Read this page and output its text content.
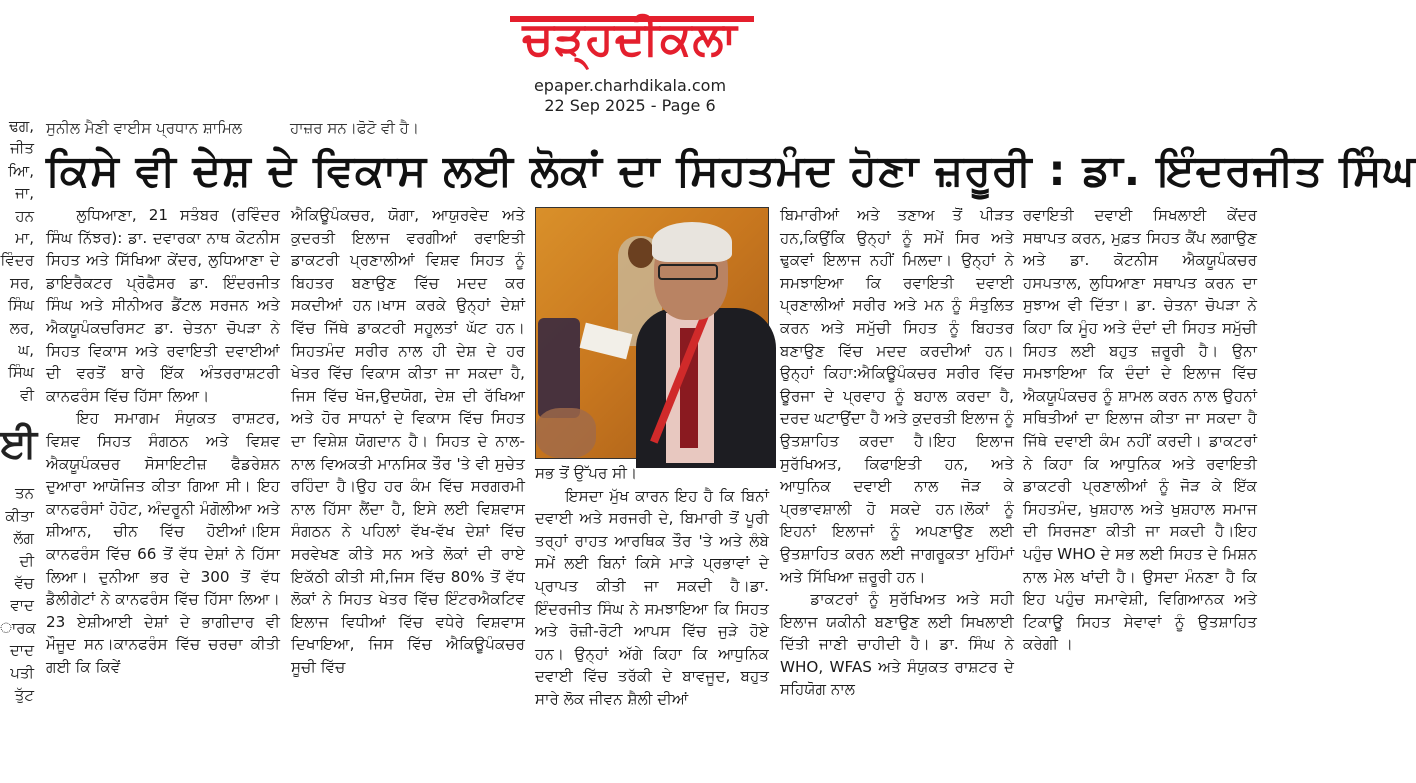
ਚੜ੍ਹਦੀਕਲਾ
epaper.charhdikala.com
22 Sep 2025 - Page 6
ਸੁਨੀਲ ਮੈਣੀ ਵਾਈਸ ਪ੍ਰਧਾਨ ਸ਼ਾਮਿਲ	ਹਾਜ਼ਰ ਸਨ।ਫੋਟੋ ਵੀ ਹੈ।
ਢਗ,
ਜੀਤ
ਆਿ,
ਜਾ,
ਹਨ
ਮਾ,
ਵਿੰਦਰ
ਸਰ,
ਸਿੰਘ
ਲਰ,
ਘ,
ਸਿੰਘ
ਵੀ
ਈ
ਤਨ
ਕੀਤਾ
ਲੱਗ
ਦੀ
ਵੱਚ
ਵਾਦ
ਾਰਕ
ਦਾਦ
ਪਤੀ
ਤੁੱਟ
ਕਿਸੇ ਵੀ ਦੇਸ਼ ਦੇ ਵਿਕਾਸ ਲਈ ਲੋਕਾਂ ਦਾ ਸਿਹਤਮੰਦ ਹੋਣਾ ਜ਼ਰੂਰੀ : ਡਾ. ਇੰਦਰਜੀਤ ਸਿੰਘ

ਲੁਧਿਆਣਾ, 21 ਸਤੰਬਰ (ਰਵਿੰਦਰ ਸਿੰਘ ਨਿੱਝਰ): ਡਾ. ਦਵਾਰਕਾ ਨਾਥ ਕੋਟਨੀਸ ਸਿਹਤ ਅਤੇ ਸਿੱਖਿਆ ਕੇਂਦਰ, ਲੁਧਿਆਣਾ ਦੇ ਡਾਇਰੈਕਟਰ ਪ੍ਰੋਫੈਸਰ ਡਾ. ਇੰਦਰਜੀਤ ਸਿੰਘ ਅਤੇ ਸੀਨੀਅਰ ਡੈਂਟਲ ਸਰਜਨ ਅਤੇ ਐਕਯੂਪੰਕਚਰਿਸਟ ਡਾ. ਚੇਤਨਾ ਚੋਪੜਾ ਨੇ ਸਿਹਤ ਵਿਕਾਸ ਅਤੇ ਰਵਾਇਤੀ ਦਵਾਈਆਂ ਦੀ ਵਰਤੋਂ ਬਾਰੇ ਇੱਕ ਅੰਤਰਰਾਸ਼ਟਰੀ ਕਾਨਫਰੰਸ ਵਿੱਚ ਹਿੱਸਾ ਲਿਆ।

ਇਹ ਸਮਾਗਮ ਸੰਯੁਕਤ ਰਾਸ਼ਟਰ, ਵਿਸ਼ਵ ਸਿਹਤ ਸੰਗਠਨ ਅਤੇ ਵਿਸ਼ਵ ਐਕਯੂਪੰਕਚਰ ਸੋਸਾਇਟੀਜ਼ ਫੈਡਰੇਸ਼ਨ ਦੁਆਰਾ ਆਯੋਜਿਤ ਕੀਤਾ ਗਿਆ ਸੀ। ਇਹ ਕਾਨਫਰੰਸਾਂ ਹੋਹੋਟ, ਅੰਦਰੂਨੀ ਮੰਗੋਲੀਆ ਅਤੇ ਸ਼ੀਆਨ, ਚੀਨ ਵਿੱਚ ਹੋਈਆਂ।ਇਸ ਕਾਨਫਰੰਸ ਵਿੱਚ 66 ਤੋਂ ਵੱਧ ਦੇਸ਼ਾਂ ਨੇ ਹਿੱਸਾ ਲਿਆ। ਦੁਨੀਆ ਭਰ ਦੇ 300 ਤੋਂ ਵੱਧ ਡੈਲੀਗੇਟਾਂ ਨੇ ਕਾਨਫਰੰਸ ਵਿੱਚ ਹਿੱਸਾ ਲਿਆ।23 ਏਸ਼ੀਆਈ ਦੇਸ਼ਾਂ ਦੇ ਭਾਗੀਦਾਰ ਵੀ ਮੌਜੂਦ ਸਨ।ਕਾਨਫਰੰਸ ਵਿੱਚ ਚਰਚਾ ਕੀਤੀ ਗਈ ਕਿ ਕਿਵੇਂ

ਐਕਿਊਪੰਕਚਰ, ਯੋਗਾ, ਆਯੁਰਵੇਦ ਅਤੇ ਕੁਦਰਤੀ ਇਲਾਜ ਵਰਗੀਆਂ ਰਵਾਇਤੀ ਡਾਕਟਰੀ ਪ੍ਰਣਾਲੀਆਂ ਵਿਸ਼ਵ ਸਿਹਤ ਨੂੰ ਬਿਹਤਰ ਬਣਾਉਣ ਵਿੱਚ ਮਦਦ ਕਰ ਸਕਦੀਆਂ ਹਨ।ਖਾਸ ਕਰਕੇ ਉਨ੍ਹਾਂ ਦੇਸ਼ਾਂ ਵਿੱਚ ਜਿੱਥੇ ਡਾਕਟਰੀ ਸਹੂਲਤਾਂ ਘੱਟ ਹਨ। ਸਿਹਤਮੰਦ ਸਰੀਰ ਨਾਲ ਹੀ ਦੇਸ਼ ਦੇ ਹਰ ਖੇਤਰ ਵਿੱਚ ਵਿਕਾਸ ਕੀਤਾ ਜਾ ਸਕਦਾ ਹੈ, ਜਿਸ ਵਿੱਚ ਖੋਜ,ਉਦਯੋਗ, ਦੇਸ਼ ਦੀ ਰੱਖਿਆ ਅਤੇ ਹੋਰ ਸਾਧਨਾਂ ਦੇ ਵਿਕਾਸ ਵਿੱਚ ਸਿਹਤ ਦਾ ਵਿਸ਼ੇਸ਼ ਯੋਗਦਾਨ ਹੈ। ਸਿਹਤ ਦੇ ਨਾਲ-ਨਾਲ ਵਿਅਕਤੀ ਮਾਨਸਿਕ ਤੌਰ 'ਤੇ ਵੀ ਸੁਚੇਤ ਰਹਿੰਦਾ ਹੈ।ਉਹ ਹਰ ਕੰਮ ਵਿੱਚ ਸਰਗਰਮੀ ਨਾਲ ਹਿੱਸਾ ਲੈਂਦਾ ਹੈ, ਇਸੇ ਲਈ ਵਿਸ਼ਵਾਸ ਸੰਗਠਨ ਨੇ ਪਹਿਲਾਂ ਵੱਖ-ਵੱਖ ਦੇਸ਼ਾਂ ਵਿੱਚ ਸਰਵੇਖਣ ਕੀਤੇ ਸਨ ਅਤੇ ਲੋਕਾਂ ਦੀ ਰਾਏ ਇਕੱਠੀ ਕੀਤੀ ਸੀ,ਜਿਸ ਵਿੱਚ 80% ਤੋਂ ਵੱਧ ਲੋਕਾਂ ਨੇ ਸਿਹਤ ਖੇਤਰ ਵਿੱਚ ਇੰਟਰਐਕਟਿਵ ਇਲਾਜ ਵਿਧੀਆਂ ਵਿੱਚ ਵਧੇਰੇ ਵਿਸ਼ਵਾਸ ਦਿਖਾਇਆ, ਜਿਸ ਵਿੱਚ ਐਕਿਊਪੰਕਚਰ ਸੂਚੀ ਵਿੱਚ

ਸਭ ਤੋਂ ਉੱਪਰ ਸੀ।

ਇਸਦਾ ਮੁੱਖ ਕਾਰਨ ਇਹ ਹੈ ਕਿ ਬਿਨਾਂ ਦਵਾਈ ਅਤੇ ਸਰਜਰੀ ਦੇ, ਬਿਮਾਰੀ ਤੋਂ ਪੂਰੀ ਤਰ੍ਹਾਂ ਰਾਹਤ ਆਰਥਿਕ ਤੌਰ 'ਤੇ ਅਤੇ ਲੰਬੇ ਸਮੇਂ ਲਈ ਬਿਨਾਂ ਕਿਸੇ ਮਾੜੇ ਪ੍ਰਭਾਵਾਂ ਦੇ ਪ੍ਰਾਪਤ ਕੀਤੀ ਜਾ ਸਕਦੀ ਹੈ।ਡਾ. ਇੰਦਰਜੀਤ ਸਿੰਘ ਨੇ ਸਮਝਾਇਆ ਕਿ ਸਿਹਤ ਅਤੇ ਰੋਜ਼ੀ-ਰੋਟੀ ਆਪਸ ਵਿੱਚ ਜੁੜੇ ਹੋਏ ਹਨ। ਉਨ੍ਹਾਂ ਅੱਗੇ ਕਿਹਾ ਕਿ ਆਧੁਨਿਕ ਦਵਾਈ ਵਿੱਚ ਤਰੱਕੀ ਦੇ ਬਾਵਜੂਦ, ਬਹੁਤ ਸਾਰੇ ਲੋਕ ਜੀਵਨ ਸ਼ੈਲੀ ਦੀਆਂ

ਬਿਮਾਰੀਆਂ ਅਤੇ ਤਣਾਅ ਤੋਂ ਪੀੜਤ ਹਨ,ਕਿਉਂਕਿ ਉਨ੍ਹਾਂ ਨੂੰ ਸਮੇਂ ਸਿਰ ਅਤੇ ਢੁਕਵਾਂ ਇਲਾਜ ਨਹੀਂ ਮਿਲਦਾ। ਉਨ੍ਹਾਂ ਨੇ ਸਮਝਾਇਆ ਕਿ ਰਵਾਇਤੀ ਦਵਾਈ ਪ੍ਰਣਾਲੀਆਂ ਸਰੀਰ ਅਤੇ ਮਨ ਨੂੰ ਸੰਤੁਲਿਤ ਕਰਨ ਅਤੇ ਸਮੁੱਚੀ ਸਿਹਤ ਨੂੰ ਬਿਹਤਰ ਬਣਾਉਣ ਵਿੱਚ ਮਦਦ ਕਰਦੀਆਂ ਹਨ। ਉਨ੍ਹਾਂ ਕਿਹਾ:ਐਕਿਊਪੰਕਚਰ ਸਰੀਰ ਵਿੱਚ ਊਰਜਾ ਦੇ ਪ੍ਰਵਾਹ ਨੂੰ ਬਹਾਲ ਕਰਦਾ ਹੈ, ਦਰਦ ਘਟਾਉਂਦਾ ਹੈ ਅਤੇ ਕੁਦਰਤੀ ਇਲਾਜ ਨੂੰ ਉਤਸ਼ਾਹਿਤ ਕਰਦਾ ਹੈ।ਇਹ ਇਲਾਜ ਸੁਰੱਖਿਅਤ, ਕਿਫਾਇਤੀ ਹਨ, ਅਤੇ ਆਧੁਨਿਕ ਦਵਾਈ ਨਾਲ ਜੋੜ ਕੇ ਪ੍ਰਭਾਵਸ਼ਾਲੀ ਹੋ ਸਕਦੇ ਹਨ।ਲੋਕਾਂ ਨੂੰ ਇਹਨਾਂ ਇਲਾਜਾਂ ਨੂੰ ਅਪਣਾਉਣ ਲਈ ਉਤਸ਼ਾਹਿਤ ਕਰਨ ਲਈ ਜਾਗਰੂਕਤਾ ਮੁਹਿੰਮਾਂ ਅਤੇ ਸਿੱਖਿਆ ਜ਼ਰੂਰੀ ਹਨ।

ਡਾਕਟਰਾਂ ਨੂੰ ਸੁਰੱਖਿਅਤ ਅਤੇ ਸਹੀ ਇਲਾਜ ਯਕੀਨੀ ਬਣਾਉਣ ਲਈ ਸਿਖਲਾਈ ਦਿੱਤੀ ਜਾਣੀ ਚਾਹੀਦੀ ਹੈ। ਡਾ. ਸਿੰਘ ਨੇ WHO, WFAS ਅਤੇ ਸੰਯੁਕਤ ਰਾਸ਼ਟਰ ਦੇ ਸਹਿਯੋਗ ਨਾਲ

ਰਵਾਇਤੀ ਦਵਾਈ ਸਿਖਲਾਈ ਕੇਂਦਰ ਸਥਾਪਤ ਕਰਨ, ਮੁਫ਼ਤ ਸਿਹਤ ਕੈਂਪ ਲਗਾਉਣ ਅਤੇ ਡਾ. ਕੋਟਨੀਸ ਐਕਯੂਪੰਕਚਰ ਹਸਪਤਾਲ, ਲੁਧਿਆਣਾ ਸਥਾਪਤ ਕਰਨ ਦਾ ਸੁਝਾਅ ਵੀ ਦਿੱਤਾ। ਡਾ. ਚੇਤਨਾ ਚੋਪੜਾ ਨੇ ਕਿਹਾ ਕਿ ਮੂੰਹ ਅਤੇ ਦੰਦਾਂ ਦੀ ਸਿਹਤ ਸਮੁੱਚੀ ਸਿਹਤ ਲਈ ਬਹੁਤ ਜ਼ਰੂਰੀ ਹੈ। ਉਨਾ ਸਮਝਾਇਆ ਕਿ ਦੰਦਾਂ ਦੇ ਇਲਾਜ ਵਿੱਚ ਐਕਯੂਪੰਕਚਰ ਨੂੰ ਸ਼ਾਮਲ ਕਰਨ ਨਾਲ ਉਹਨਾਂ ਸਥਿਤੀਆਂ ਦਾ ਇਲਾਜ ਕੀਤਾ ਜਾ ਸਕਦਾ ਹੈ ਜਿੱਥੇ ਦਵਾਈ ਕੰਮ ਨਹੀਂ ਕਰਦੀ। ਡਾਕਟਰਾਂ ਨੇ ਕਿਹਾ ਕਿ ਆਧੁਨਿਕ ਅਤੇ ਰਵਾਇਤੀ ਡਾਕਟਰੀ ਪ੍ਰਣਾਲੀਆਂ ਨੂੰ ਜੋੜ ਕੇ ਇੱਕ ਸਿਹਤਮੰਦ, ਖੁਸ਼ਹਾਲ ਅਤੇ ਖੁਸ਼ਹਾਲ ਸਮਾਜ ਦੀ ਸਿਰਜਣਾ ਕੀਤੀ ਜਾ ਸਕਦੀ ਹੈ।ਇਹ ਪਹੁੰਚ WHO ਦੇ ਸਭ ਲਈ ਸਿਹਤ ਦੇ ਮਿਸ਼ਨ ਨਾਲ ਮੇਲ ਖਾਂਦੀ ਹੈ। ਉਸਦਾ ਮੰਨਣਾ ਹੈ ਕਿ ਇਹ ਪਹੁੰਚ ਸਮਾਵੇਸ਼ੀ, ਵਿਗਿਆਨਕ ਅਤੇ ਟਿਕਾਊ ਸਿਹਤ ਸੇਵਾਵਾਂ ਨੂੰ ਉਤਸ਼ਾਹਿਤ ਕਰੇਗੀ ।
